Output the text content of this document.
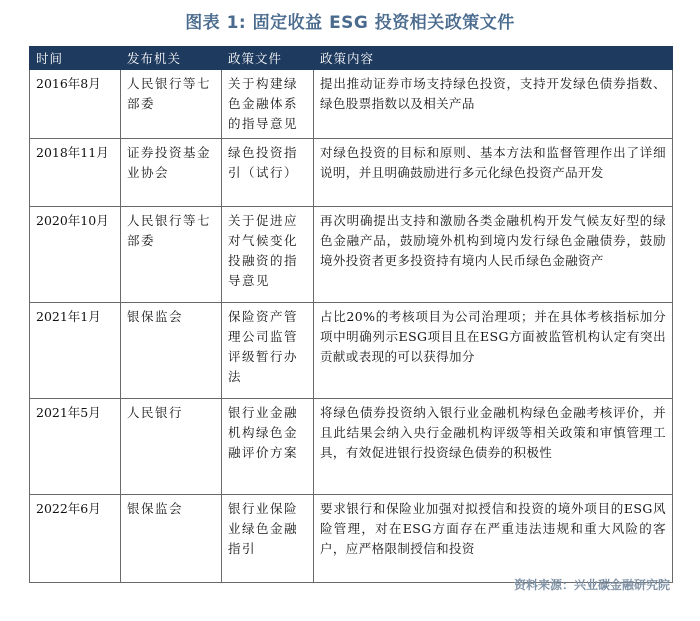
图表 1: 固定收益 ESG 投资相关政策文件
时间	发布机关	政策文件	政策内容
2016年8月	人民银行等七部委	关于构建绿色金融体系的指导意见	提出推动证券市场支持绿色投资，支持开发绿色债券指数、绿色股票指数以及相关产品
2018年11月	证券投资基金业协会	绿色投资指引（试行）	对绿色投资的目标和原则、基本方法和监督管理作出了详细说明，并且明确鼓励进行多元化绿色投资产品开发
2020年10月	人民银行等七部委	关于促进应对气候变化投融资的指导意见	再次明确提出支持和激励各类金融机构开发气候友好型的绿色金融产品，鼓励境外机构到境内发行绿色金融债券，鼓励境外投资者更多投资持有境内人民币绿色金融资产
2021年1月	银保监会	保险资产管理公司监管评级暂行办法	占比20%的考核项目为公司治理项；并在具体考核指标加分项中明确列示ESG项目且在ESG方面被监管机构认定有突出贡献或表现的可以获得加分
2021年5月	人民银行	银行业金融机构绿色金融评价方案	将绿色债券投资纳入银行业金融机构绿色金融考核评价，并且此结果会纳入央行金融机构评级等相关政策和审慎管理工具，有效促进银行投资绿色债券的积极性
2022年6月	银保监会	银行业保险业绿色金融指引	要求银行和保险业加强对拟授信和投资的境外项目的ESG风险管理，对在ESG方面存在严重违法违规和重大风险的客户，应严格限制授信和投资
资料来源：兴业碳金融研究院
